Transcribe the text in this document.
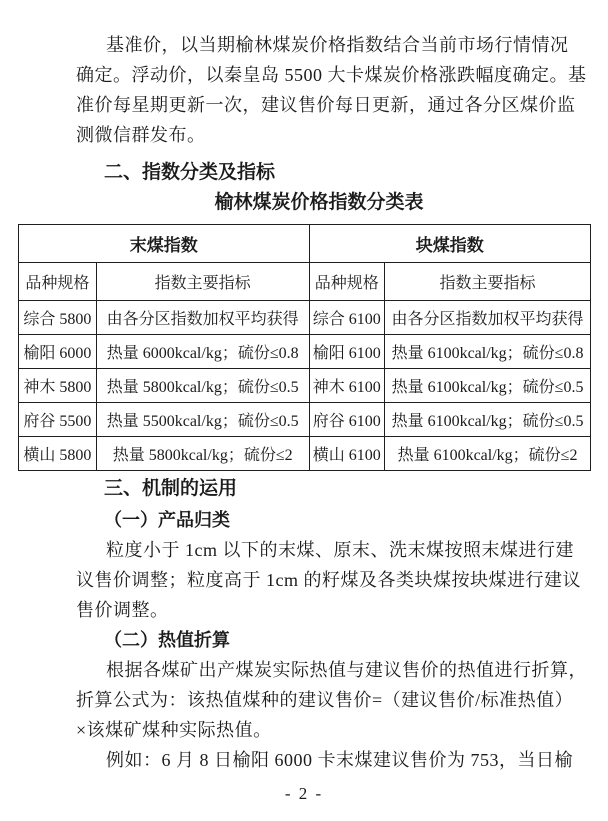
基准价，以当期榆林煤炭价格指数结合当前市场行情情况
确定。浮动价，以秦皇岛 5500 大卡煤炭价格涨跌幅度确定。基
准价每星期更新一次，建议售价每日更新，通过各分区煤价监
测微信群发布。
二、指数分类及指标
榆林煤炭价格指数分类表
末煤指数		块煤指数	
品种规格	指数主要指标	品种规格	指数主要指标
综合 5800	由各分区指数加权平均获得	综合 6100	由各分区指数加权平均获得
榆阳 6000	热量 6000kcal/kg；硫份≤0.8	榆阳 6100	热量 6100kcal/kg；硫份≤0.8
神木 5800	热量 5800kcal/kg；硫份≤0.5	神木 6100	热量 6100kcal/kg；硫份≤0.5
府谷 5500	热量 5500kcal/kg；硫份≤0.5	府谷 6100	热量 6100kcal/kg；硫份≤0.5
横山 5800	热量 5800kcal/kg；硫份≤2	横山 6100	热量 6100kcal/kg；硫份≤2
三、机制的运用
（一）产品归类
粒度小于 1cm 以下的末煤、原末、洗末煤按照末煤进行建
议售价调整；粒度高于 1cm 的籽煤及各类块煤按块煤进行建议
售价调整。
（二）热值折算
根据各煤矿出产煤炭实际热值与建议售价的热值进行折算，
折算公式为：该热值煤种的建议售价=（建议售价/标准热值）
×该煤矿煤种实际热值。
例如：6 月 8 日榆阳 6000 卡末煤建议售价为 753，当日榆
- 2 -
